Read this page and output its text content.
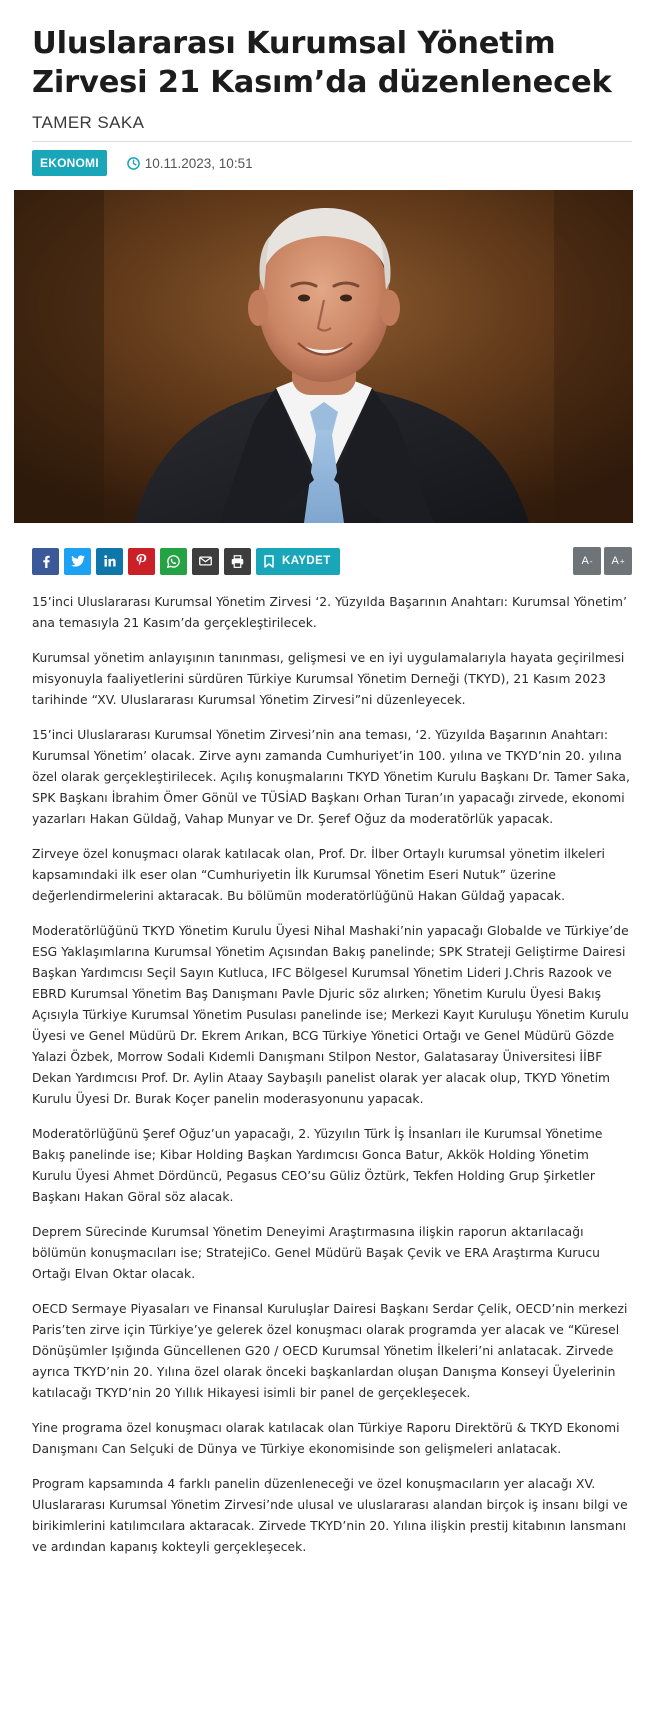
Uluslararası Kurumsal Yönetim Zirvesi 21 Kasım’da düzenlenecek
TAMER SAKA
EKONOMI	10.11.2023, 10:51
KAYDET	A - A +

15’inci Uluslararası Kurumsal Yönetim Zirvesi ‘2. Yüzyılda Başarının Anahtarı: Kurumsal Yönetim’ ana temasıyla 21 Kasım’da gerçekleştirilecek.

Kurumsal yönetim anlayışının tanınması, gelişmesi ve en iyi uygulamalarıyla hayata geçirilmesi misyonuyla faaliyetlerini sürdüren Türkiye Kurumsal Yönetim Derneği (TKYD), 21 Kasım 2023 tarihinde “XV. Uluslararası Kurumsal Yönetim Zirvesi”ni düzenleyecek.

15’inci Uluslararası Kurumsal Yönetim Zirvesi’nin ana teması, ‘2. Yüzyılda Başarının Anahtarı: Kurumsal Yönetim’ olacak. Zirve aynı zamanda Cumhuriyet’in 100. yılına ve TKYD’nin 20. yılına özel olarak gerçekleştirilecek. Açılış konuşmalarını TKYD Yönetim Kurulu Başkanı Dr. Tamer Saka, SPK Başkanı İbrahim Ömer Gönül ve TÜSİAD Başkanı Orhan Turan’ın yapacağı zirvede, ekonomi yazarları Hakan Güldağ, Vahap Munyar ve Dr. Şeref Oğuz da moderatörlük yapacak.

Zirveye özel konuşmacı olarak katılacak olan, Prof. Dr. İlber Ortaylı kurumsal yönetim ilkeleri kapsamındaki ilk eser olan “Cumhuriyetin İlk Kurumsal Yönetim Eseri Nutuk” üzerine değerlendirmelerini aktaracak. Bu bölümün moderatörlüğünü Hakan Güldağ yapacak.

Moderatörlüğünü TKYD Yönetim Kurulu Üyesi Nihal Mashaki’nin yapacağı Globalde ve Türkiye’de ESG Yaklaşımlarına Kurumsal Yönetim Açısından Bakış panelinde; SPK Strateji Geliştirme Dairesi Başkan Yardımcısı Seçil Sayın Kutluca, IFC Bölgesel Kurumsal Yönetim Lideri J.Chris Razook ve EBRD Kurumsal Yönetim Baş Danışmanı Pavle Djuric söz alırken; Yönetim Kurulu Üyesi Bakış Açısıyla Türkiye Kurumsal Yönetim Pusulası panelinde ise; Merkezi Kayıt Kuruluşu Yönetim Kurulu Üyesi ve Genel Müdürü Dr. Ekrem Arıkan, BCG Türkiye Yönetici Ortağı ve Genel Müdürü Gözde Yalazi Özbek, Morrow Sodali Kıdemli Danışmanı Stilpon Nestor, Galatasaray Üniversitesi İİBF Dekan Yardımcısı Prof. Dr. Aylin Ataay Saybaşılı panelist olarak yer alacak olup, TKYD Yönetim Kurulu Üyesi Dr. Burak Koçer panelin moderasyonunu yapacak.

Moderatörlüğünü Şeref Oğuz’un yapacağı, 2. Yüzyılın Türk İş İnsanları ile Kurumsal Yönetime Bakış panelinde ise; Kibar Holding Başkan Yardımcısı Gonca Batur, Akkök Holding Yönetim Kurulu Üyesi Ahmet Dördüncü, Pegasus CEO’su Güliz Öztürk, Tekfen Holding Grup Şirketler Başkanı Hakan Göral söz alacak.

Deprem Sürecinde Kurumsal Yönetim Deneyimi Araştırmasına ilişkin raporun aktarılacağı bölümün konuşmacıları ise; StratejiCo. Genel Müdürü Başak Çevik ve ERA Araştırma Kurucu Ortağı Elvan Oktar olacak.

OECD Sermaye Piyasaları ve Finansal Kuruluşlar Dairesi Başkanı Serdar Çelik, OECD’nin merkezi Paris’ten zirve için Türkiye’ye gelerek özel konuşmacı olarak programda yer alacak ve “Küresel Dönüşümler Işığında Güncellenen G20 / OECD Kurumsal Yönetim İlkeleri’ni anlatacak. Zirvede ayrıca TKYD’nin 20. Yılına özel olarak önceki başkanlardan oluşan Danışma Konseyi Üyelerinin katılacağı TKYD’nin 20 Yıllık Hikayesi isimli bir panel de gerçekleşecek.

Yine programa özel konuşmacı olarak katılacak olan Türkiye Raporu Direktörü & TKYD Ekonomi Danışmanı Can Selçuki de Dünya ve Türkiye ekonomisinde son gelişmeleri anlatacak.

Program kapsamında 4 farklı panelin düzenleneceği ve özel konuşmacıların yer alacağı XV. Uluslararası Kurumsal Yönetim Zirvesi’nde ulusal ve uluslararası alandan birçok iş insanı bilgi ve birikimlerini katılımcılara aktaracak. Zirvede TKYD’nin 20. Yılına ilişkin prestij kitabının lansmanı ve ardından kapanış kokteyli gerçekleşecek.
